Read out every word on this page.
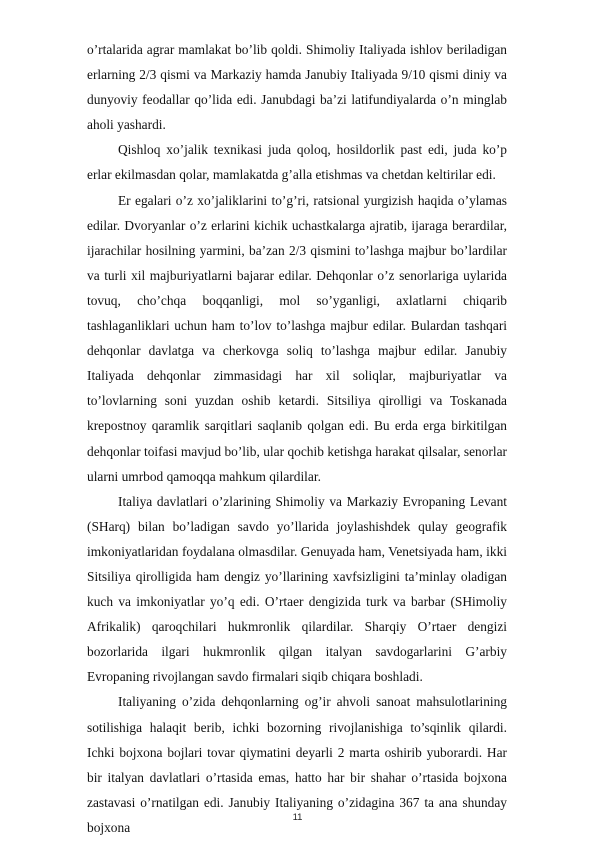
o’rtalarida agrar mamlakat bo’lib qoldi. Shimoliy Italiyada ishlov beriladigan erlarning 2/3 qismi va Markaziy hamda Janubiy Italiyada 9/10 qismi diniy va dunyoviy feodallar qo’lida edi. Janubdagi ba’zi latifundiyalarda o’n minglab aholi yashardi.

Qishloq xo’jalik texnikasi juda qoloq, hosildorlik past edi, juda ko’p erlar ekilmasdan qolar, mamlakatda g’alla etishmas va chetdan keltirilar edi.

Er egalari o’z xo’jaliklarini to’g’ri, ratsional yurgizish haqida o’ylamas edilar. Dvoryanlar o’z erlarini kichik uchastkalarga ajratib, ijaraga berardilar, ijarachilar hosilning yarmini, ba’zan 2/3 qismini to’lashga majbur bo’lardilar va turli xil majburiyatlarni bajarar edilar. Dehqonlar o’z senorlariga uylarida tovuq, cho’chqa boqqanligi, mol so’yganligi, axlatlarni chiqarib tashlaganliklari uchun ham to’lov to’lashga majbur edilar. Bulardan tashqari dehqonlar davlatga va cherkovga soliq to’lashga majbur edilar. Janubiy Italiyada dehqonlar zimmasidagi har xil soliqlar, majburiyatlar va to’lovlarning soni yuzdan oshib ketardi. Sitsiliya qirolligi va Toskanada krepostnoy qaramlik sarqitlari saqlanib qolgan edi. Bu erda erga birkitilgan dehqonlar toifasi mavjud bo’lib, ular qochib ketishga harakat qilsalar, senorlar ularni umrbod qamoqqa mahkum qilardilar.

Italiya davlatlari o’zlarining Shimoliy va Markaziy Evropaning Levant (SHarq) bilan bo’ladigan savdo yo’llarida joylashishdek qulay geografik imkoniyatlaridan foydalana olmasdilar. Genuyada ham, Venetsiyada ham, ikki Sitsiliya qirolligida ham dengiz yo’llarining xavfsizligini ta’minlay oladigan kuch va imkoniyatlar yo’q edi. O’rtaer dengizida turk va barbar (SHimoliy Afrikalik) qaroqchilari hukmronlik qilardilar. Sharqiy O’rtaer dengizi bozorlarida ilgari hukmronlik qilgan italyan savdogarlarini G’arbiy Evropaning rivojlangan savdo firmalari siqib chiqara boshladi.

Italiyaning o’zida dehqonlarning og’ir ahvoli sanoat mahsulotlarining sotilishiga halaqit berib, ichki bozorning rivojlanishiga to’sqinlik qilardi. Ichki bojxona bojlari tovar qiymatini deyarli 2 marta oshirib yuborardi. Har bir italyan davlatlari o’rtasida emas, hatto har bir shahar o’rtasida bojxona zastavasi o’rnatilgan edi. Janubiy Italiyaning o’zidagina 367 ta ana shunday bojxona

11
